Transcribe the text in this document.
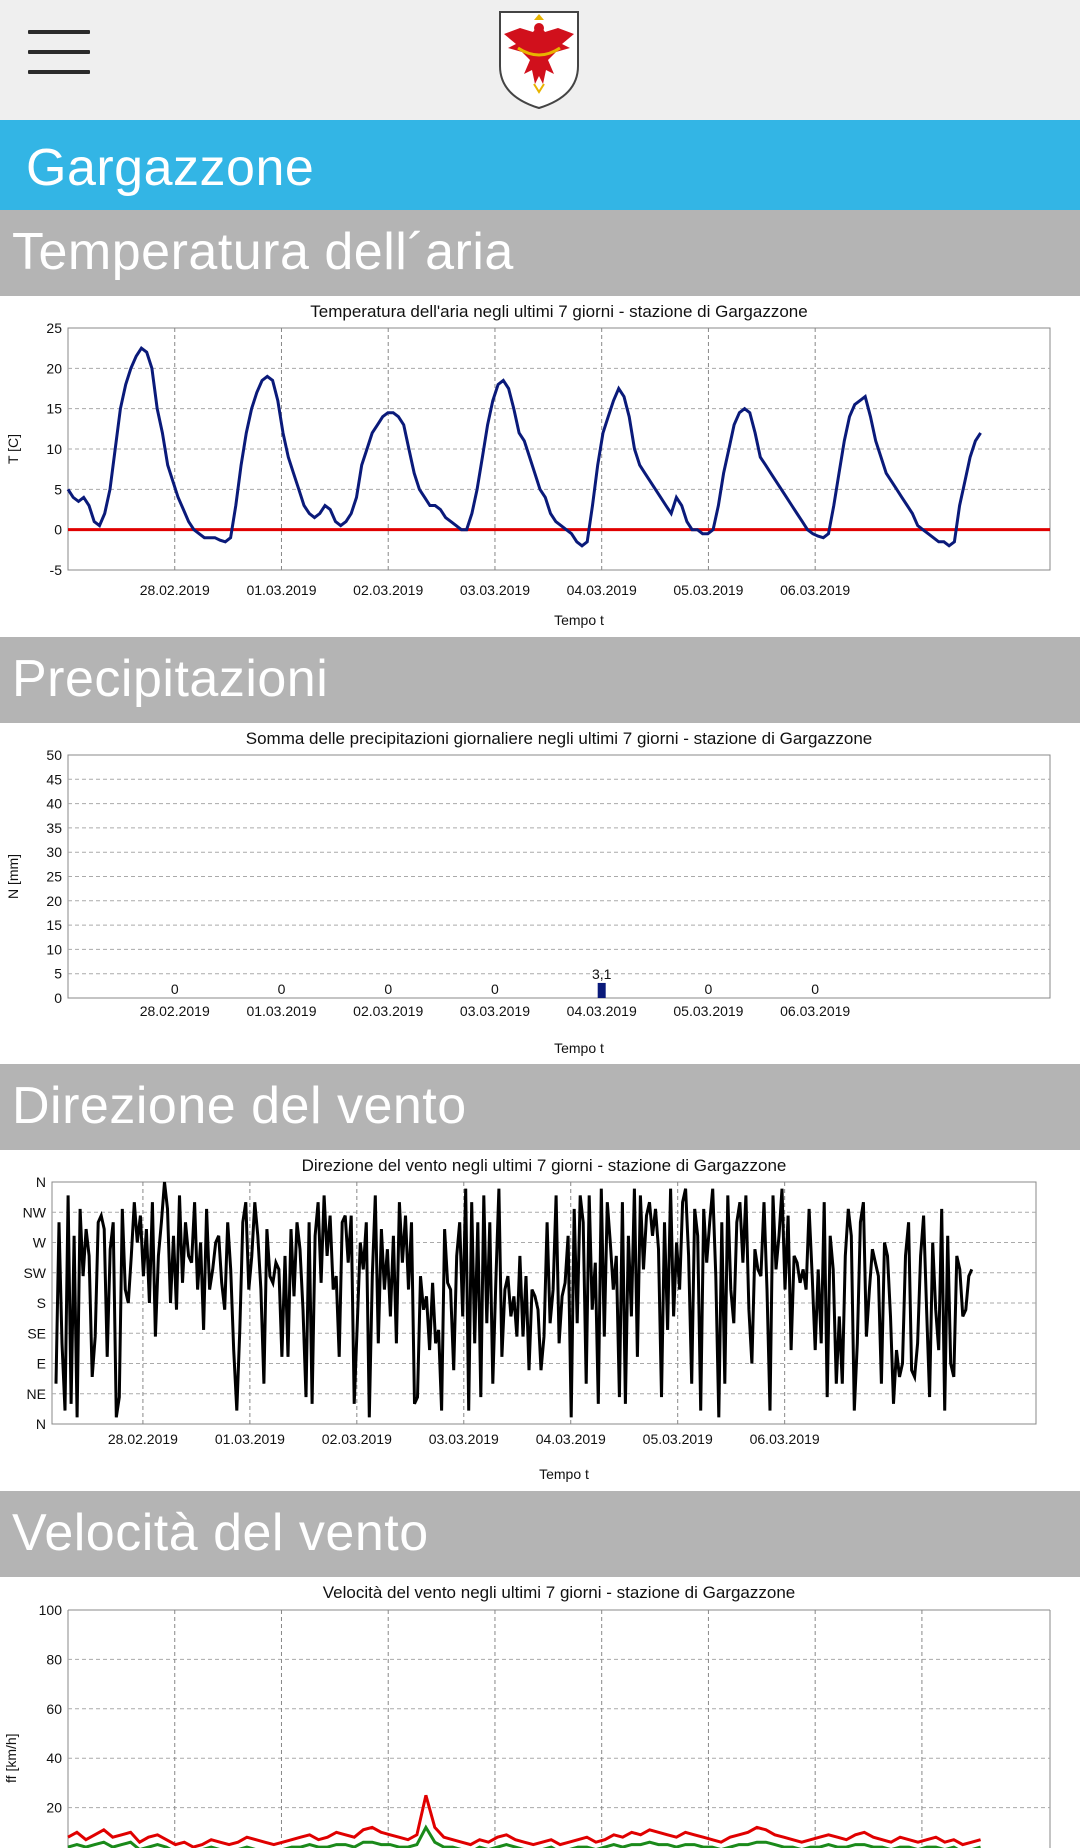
Gargazzone
Temperatura dell´aria
Temperatura dell'aria negli ultimi 7 giorni - stazione di Gargazzone
25
20
15
10
5
0
-5
T [C]
28.02.2019	01.03.2019	02.03.2019	03.03.2019	04.03.2019	05.03.2019	06.03.2019
Tempo t
Precipitazioni
Somma delle precipitazioni giornaliere negli ultimi 7 giorni - stazione di Gargazzone
50
45
40
35
30
25
20
15
10
5
0
N [mm]
28.02.2019
0
01.03.2019
0
02.03.2019
0
03.03.2019
0
04.03.2019
3,1
05.03.2019
0
06.03.2019
0
Tempo t
Direzione del vento
Direzione del vento negli ultimi 7 giorni - stazione di Gargazzone
N
NW
W
SW
S
SE
E
NE
N
28.02.2019	01.03.2019	02.03.2019	03.03.2019	04.03.2019	05.03.2019	06.03.2019
Tempo t
Velocità del vento
Velocità del vento negli ultimi 7 giorni - stazione di Gargazzone
100
80
60
40
20
ff [km/h]
